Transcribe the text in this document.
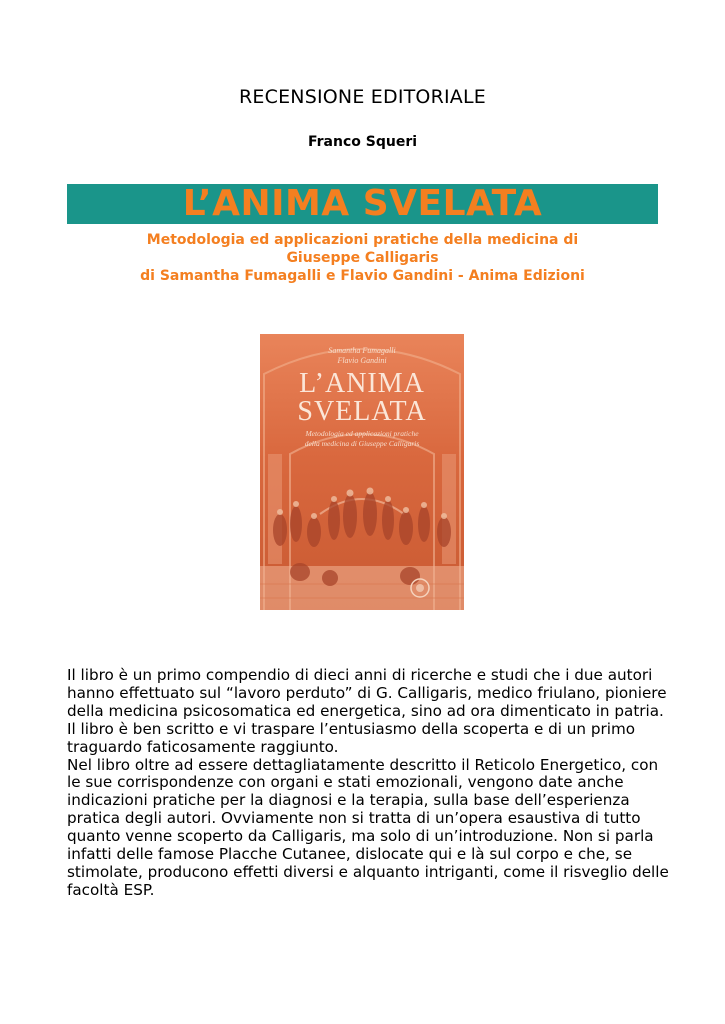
RECENSIONE EDITORIALE
Franco Squeri
L’ANIMA SVELATA
Metodologia ed applicazioni pratiche della medicina di
Giuseppe Calligaris
di Samantha Fumagalli e Flavio Gandini - Anima Edizioni
Samantha Fumagalli
Flavio Gandini
L’ANIMA
SVELATA
Metodologia ed applicazioni pratiche
della medicina di Giuseppe Calligaris
Il libro è un primo compendio di dieci anni di ricerche e studi che i due autori
hanno effettuato sul “lavoro perduto” di G. Calligaris, medico friulano, pioniere
della medicina psicosomatica ed energetica, sino ad ora dimenticato in patria.
Il libro è ben scritto e vi traspare l’entusiasmo della scoperta e di un primo
traguardo faticosamente raggiunto.
Nel libro oltre ad essere dettagliatamente descritto il Reticolo Energetico, con
le sue corrispondenze con organi e stati emozionali, vengono date anche
indicazioni pratiche per la diagnosi e la terapia, sulla base dell’esperienza
pratica degli autori. Ovviamente non si tratta di un’opera esaustiva di tutto
quanto venne scoperto da Calligaris, ma solo di un’introduzione. Non si parla
infatti delle famose Placche Cutanee, dislocate qui e là sul corpo e che, se
stimolate, producono effetti diversi e alquanto intriganti, come il risveglio delle
facoltà ESP.
